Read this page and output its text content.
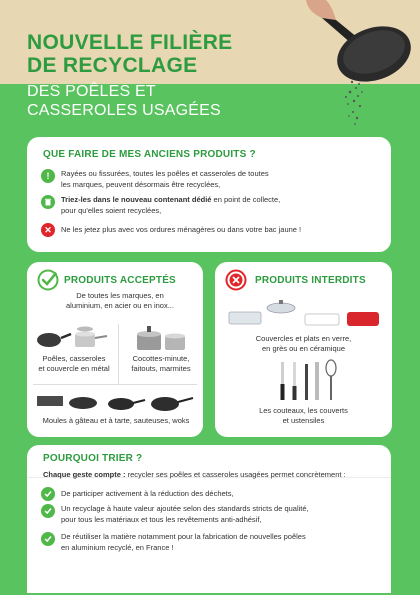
NOUVELLE FILIÈRE
DE RECYCLAGE
DES POÊLES ET
CASSEROLES USAGÉES
QUE FAIRE DE MES ANCIENS PRODUITS ?
!	Rayées ou fissurées, toutes les poêles et casseroles de toutes
les marques, peuvent désormais être recyclées,
Triez-les dans le nouveau contenant dédié en point de collecte,
pour qu'elles soient recyclées,
✕	Ne les jetez plus avec vos ordures ménagères ou dans votre bac jaune !
PRODUITS ACCEPTÉS
De toutes les marques, en
aluminium, en acier ou en inox...
Poêles, casseroles
et couvercle en métal
Cocottes-minute,
faitouts, marmites
Moules à gâteau et à tarte, sauteuses, woks
PRODUITS INTERDITS
Couvercles et plats en verre,
en grès ou en céramique
Les couteaux, les couverts
et ustensiles
POURQUOI TRIER ?
Chaque geste compte : recycler ses poêles et casseroles usagées permet concrètement :
De participer activement à la réduction des déchets,
Un recyclage à haute valeur ajoutée selon des standards stricts de qualité,
pour tous les matériaux et tous les revêtements anti-adhésif,
De réutiliser la matière notamment pour la fabrication de nouvelles poêles
en aluminium recyclé, en France !
